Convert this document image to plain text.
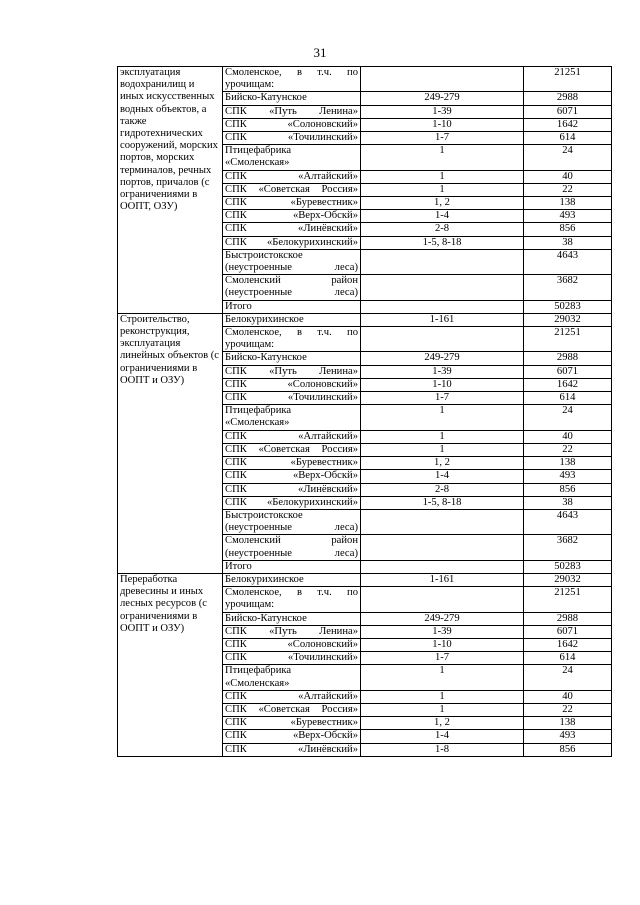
31
эксплуатация водохранилищ и иных искусственных водных объектов, а также гидротехнических сооружений, морских портов, морских терминалов, речных портов, причалов (с ограничениями в ООПТ, ОЗУ)	Смоленское, в т.ч. по урочищам:		21251
	Бийско-Катунское	249-279	2988
	СПК «Путь Ленина»	1-39	6071
	СПК «Солоновский»	1-10	1642
	СПК «Точилинский»	1-7	614
	Птицефабрика «Смоленская»	1	24
	СПК «Алтайский»	1	40
	СПК «Советская Россия»	1	22
	СПК «Буревестник»	1, 2	138
	СПК «Верх-Обскй»	1-4	493
	СПК «Линёвский»	2-8	856
	СПК «Белокурихинский»	1-5, 8-18	38
	Быстроистокское (неустроенные леса)		4643
	Смоленский район (неустроенные леса)		3682
	Итого		50283
Строительство, реконструкция, эксплуатация линейных объектов (с ограничениями в ООПТ и ОЗУ)	Белокурихинское	1-161	29032
	Смоленское, в т.ч. по урочищам:		21251
	Бийско-Катунское	249-279	2988
	СПК «Путь Ленина»	1-39	6071
	СПК «Солоновский»	1-10	1642
	СПК «Точилинский»	1-7	614
	Птицефабрика «Смоленская»	1	24
	СПК «Алтайский»	1	40
	СПК «Советская Россия»	1	22
	СПК «Буревестник»	1, 2	138
	СПК «Верх-Обскй»	1-4	493
	СПК «Линёвский»	2-8	856
	СПК «Белокурихинский»	1-5, 8-18	38
	Быстроистокское (неустроенные леса)		4643
	Смоленский район (неустроенные леса)		3682
	Итого		50283
Переработка древесины и иных лесных ресурсов (с ограничениями в ООПТ и ОЗУ)	Белокурихинское	1-161	29032
	Смоленское, в т.ч. по урочищам:		21251
	Бийско-Катунское	249-279	2988
	СПК «Путь Ленина»	1-39	6071
	СПК «Солоновский»	1-10	1642
	СПК «Точилинский»	1-7	614
	Птицефабрика «Смоленская»	1	24
	СПК «Алтайский»	1	40
	СПК «Советская Россия»	1	22
	СПК «Буревестник»	1, 2	138
	СПК «Верх-Обскй»	1-4	493
	СПК «Линёвский»	1-8	856
